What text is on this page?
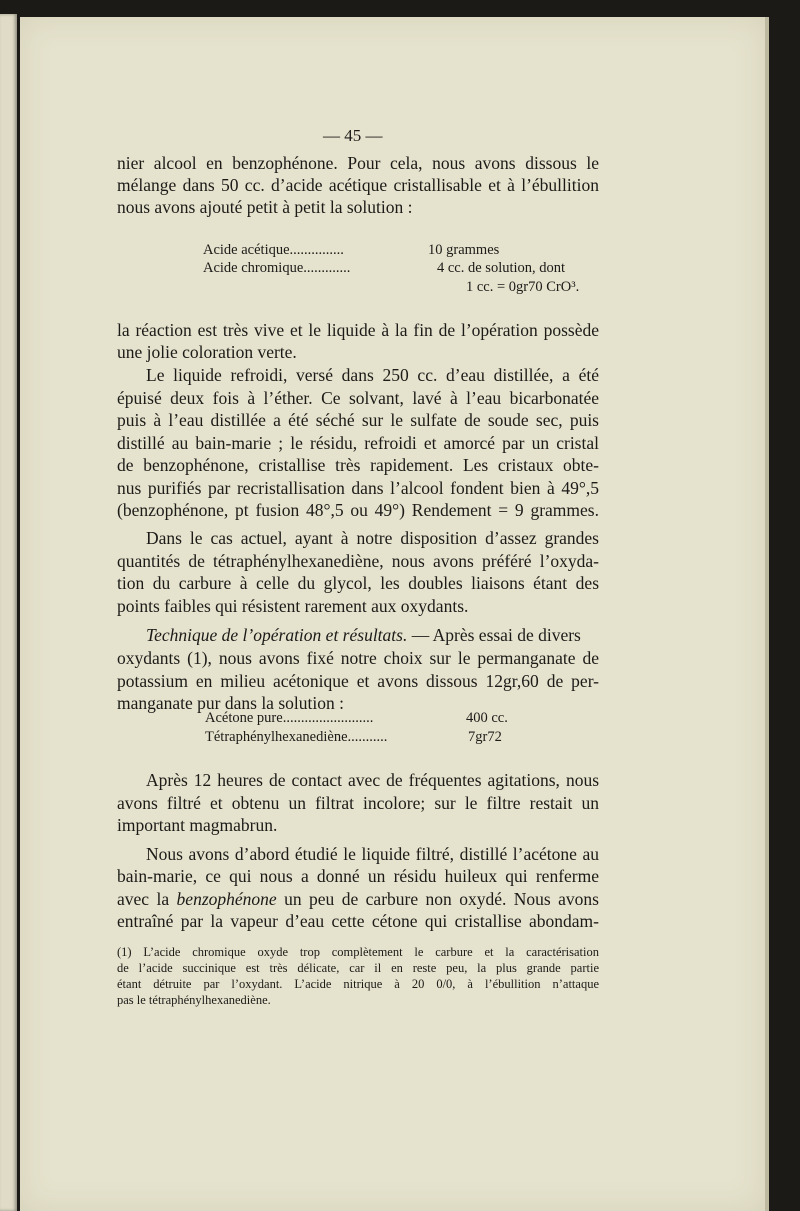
— 45 —
nier alcool en benzophénone. Pour cela, nous avons dissous le
mélange dans 50 cc. d’acide acétique cristallisable et à l’ébullition
nous avons ajouté petit à petit la solution :
Acide acétique...............	10 grammes
Acide chromique.............	4 cc. de solution, dont
1 cc. = 0gr70 CrO³.
la réaction est très vive et le liquide à la fin de l’opération possède
une jolie coloration verte.
Le liquide refroidi, versé dans 250 cc. d’eau distillée, a été
épuisé deux fois à l’éther. Ce solvant, lavé à l’eau bicarbonatée
puis à l’eau distillée a été séché sur le sulfate de soude sec, puis
distillé au bain-marie ; le résidu, refroidi et amorcé par un cristal
de benzophénone, cristallise très rapidement. Les cristaux obte-
nus purifiés par recristallisation dans l’alcool fondent bien à 49°,5
(benzophénone, pt fusion 48°,5 ou 49°) Rendement = 9 grammes.
Dans le cas actuel, ayant à notre disposition d’assez grandes
quantités de tétraphénylhexanediène, nous avons préféré l’oxyda-
tion du carbure à celle du glycol, les doubles liaisons étant des
points faibles qui résistent rarement aux oxydants.
Technique de l’opération et résultats. — Après essai de divers
oxydants (1), nous avons fixé notre choix sur le permanganate de
potassium en milieu acétonique et avons dissous 12gr,60 de per-
manganate pur dans la solution :
Acétone pure.........................	400 cc.
Tétraphénylhexanediène...........	7gr72
Après 12 heures de contact avec de fréquentes agitations, nous
avons filtré et obtenu un filtrat incolore; sur le filtre restait un
important magmabrun.
Nous avons d’abord étudié le liquide filtré, distillé l’acétone au
bain-marie, ce qui nous a donné un résidu huileux qui renferme
avec la benzophénone un peu de carbure non oxydé. Nous avons
entraîné par la vapeur d’eau cette cétone qui cristallise abondam-
(1) L’acide chromique oxyde trop complètement le carbure et la caractérisation
de l’acide succinique est très délicate, car il en reste peu, la plus grande partie
étant détruite par l’oxydant. L’acide nitrique à 20 0/0, à l’ébullition n’attaque
pas le tétraphénylhexanediène.
